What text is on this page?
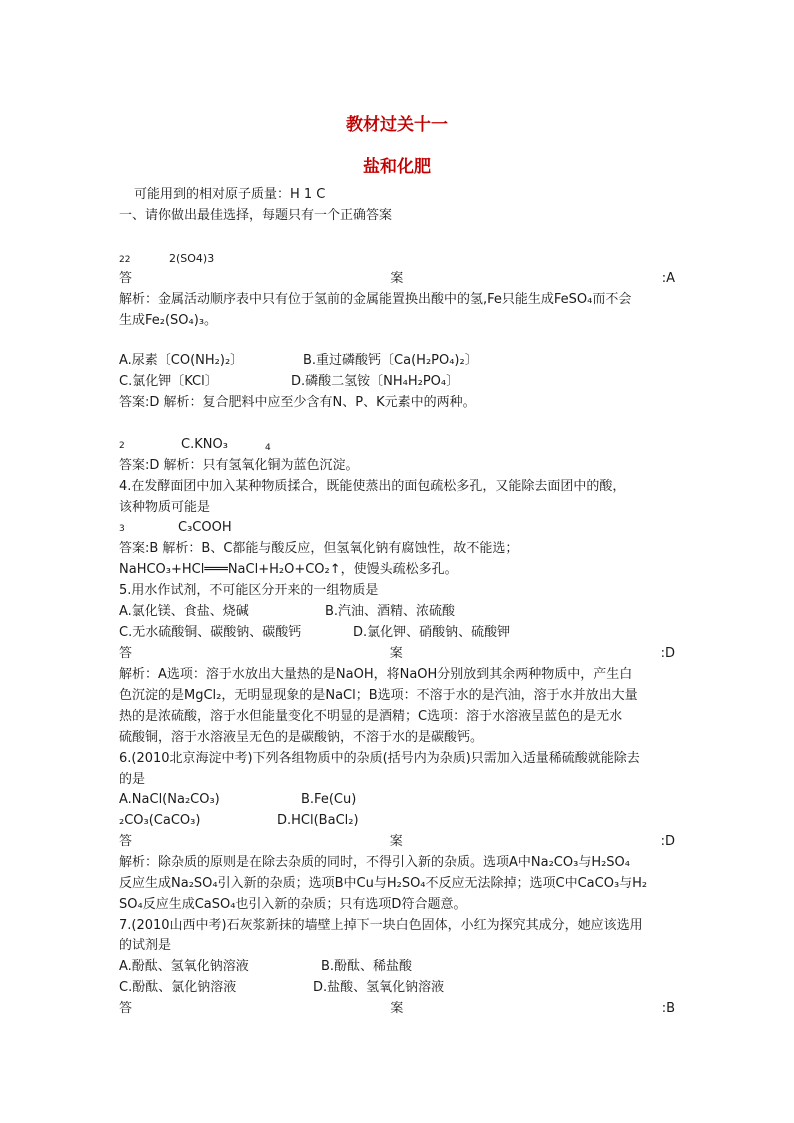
教材过关十一
盐和化肥
可能用到的相对原子质量：H 1 C
一、请你做出最佳选择，每题只有一个正确答案
22	2(SO4)3
答	案	:A
解析：金属活动顺序表中只有位于氢前的金属能置换出酸中的氢,Fe只能生成FeSO₄而不会
生成Fe₂(SO₄)₃。
A.尿素〔CO(NH₂)₂〕	B.重过磷酸钙〔Ca(H₂PO₄)₂〕
C.氯化钾〔KCl〕	D.磷酸二氢铵〔NH₄H₂PO₄〕
答案:D 解析：复合肥料中应至少含有N、P、K元素中的两种。
2	C.KNO₃	4
答案:D 解析：只有氢氧化铜为蓝色沉淀。
4.在发酵面团中加入某种物质揉合，既能使蒸出的面包疏松多孔，又能除去面团中的酸，
该种物质可能是
3	C₃COOH
答案:B 解析：B、C都能与酸反应，但氢氧化钠有腐蚀性，故不能选；
NaHCO₃+HCl═══NaCl+H₂O+CO₂↑，使馒头疏松多孔。
5.用水作试剂，不可能区分开来的一组物质是
A.氯化镁、食盐、烧碱	B.汽油、酒精、浓硫酸
C.无水硫酸铜、碳酸钠、碳酸钙	D.氯化钾、硝酸钠、硫酸钾
答	案	:D
解析：A选项：溶于水放出大量热的是NaOH，将NaOH分别放到其余两种物质中，产生白
色沉淀的是MgCl₂，无明显现象的是NaCl；B选项：不溶于水的是汽油，溶于水并放出大量
热的是浓硫酸，溶于水但能量变化不明显的是酒精；C选项：溶于水溶液呈蓝色的是无水
硫酸铜，溶于水溶液呈无色的是碳酸钠，不溶于水的是碳酸钙。
6.(2010北京海淀中考)下列各组物质中的杂质(括号内为杂质)只需加入适量稀硫酸就能除去
的是
A.NaCl(Na₂CO₃)	B.Fe(Cu)
₂CO₃(CaCO₃)	D.HCl(BaCl₂)
答	案	:D
解析：除杂质的原则是在除去杂质的同时，不得引入新的杂质。选项A中Na₂CO₃与H₂SO₄
反应生成Na₂SO₄引入新的杂质；选项B中Cu与H₂SO₄不反应无法除掉；选项C中CaCO₃与H₂
SO₄反应生成CaSO₄也引入新的杂质；只有选项D符合题意。
7.(2010山西中考)石灰浆新抹的墙壁上掉下一块白色固体，小红为探究其成分，她应该选用
的试剂是
A.酚酞、氢氧化钠溶液	B.酚酞、稀盐酸
C.酚酞、氯化钠溶液	D.盐酸、氢氧化钠溶液
答	案	:B
